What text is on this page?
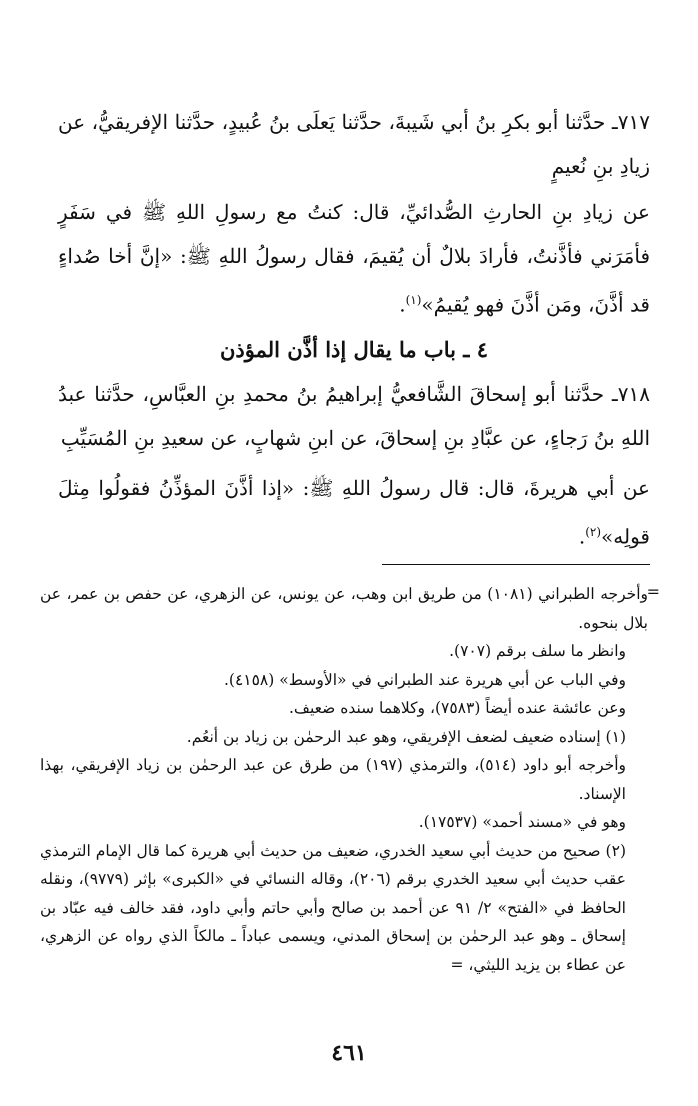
٧١٧ـ حدَّثنا أبو بكرِ بنُ أبي شَيبةَ، حدَّثنا يَعلَى بنُ عُبيدٍ، حدَّثنا الإفريقيُّ، عن زيادِ بنِ نُعيمٍ

عن زيادِ بنِ الحارثِ الصُّدائيِّ، قال: كنتُ مع رسولِ اللهِ ﷺ في سَفَرٍ فأمَرَني فأذَّنتُ، فأرادَ بلالٌ أن يُقيمَ، فقال رسولُ اللهِ ﷺ: «إنَّ أخا صُداءٍ قد أذَّنَ، ومَن أذَّنَ فهو يُقيمُ»$^{(١)}$.

٤ ـ باب ما يقال إذا أذَّن المؤذن

٧١٨ـ حدَّثنا أبو إسحاقَ الشَّافعيُّ إبراهيمُ بنُ محمدِ بنِ العبَّاسِ، حدَّثنا عبدُ اللهِ بنُ رَجاءٍ، عن عبَّادِ بنِ إسحاقَ، عن ابنِ شهابٍ، عن سعيدِ بنِ المُسَيِّبِ

عن أبي هريرةَ، قال: قال رسولُ اللهِ ﷺ: «إذا أذَّنَ المؤذِّنُ فقولُوا مِثلَ قولِه»$^{(٢)}$.

=

وأخرجه الطبراني (١٠٨١) من طريق ابن وهب، عن يونس، عن الزهري، عن حفص بن عمر، عن بلال بنحوه.

وانظر ما سلف برقم (٧٠٧).

وفي الباب عن أبي هريرة عند الطبراني في «الأوسط» (٤١٥٨).

وعن عائشة عنده أيضاً (٧٥٨٣)، وكلاهما سنده ضعيف.

(١) إسناده ضعيف لضعف الإفريقي، وهو عبد الرحمٰن بن زياد بن أنعُم.

وأخرجه أبو داود (٥١٤)، والترمذي (١٩٧) من طرق عن عبد الرحمٰن بن زياد الإفريقي، بهذا الإسناد.

وهو في «مسند أحمد» (١٧٥٣٧).

(٢) صحيح من حديث أبي سعيد الخدري، ضعيف من حديث أبي هريرة كما قال الإمام الترمذي عقب حديث أبي سعيد الخدري برقم (٢٠٦)، وقاله النسائي في «الكبرى» بإثر (٩٧٧٩)، ونقله الحافظ في «الفتح» ٢/ ٩١ عن أحمد بن صالح وأبي حاتم وأبي داود، فقد خالف فيه عبّاد بن إسحاق ـ وهو عبد الرحمٰن بن إسحاق المدني، ويسمى عباداً ـ مالكاً الذي رواه عن الزهري، عن عطاء بن يزيد الليثي، =

٤٦١
